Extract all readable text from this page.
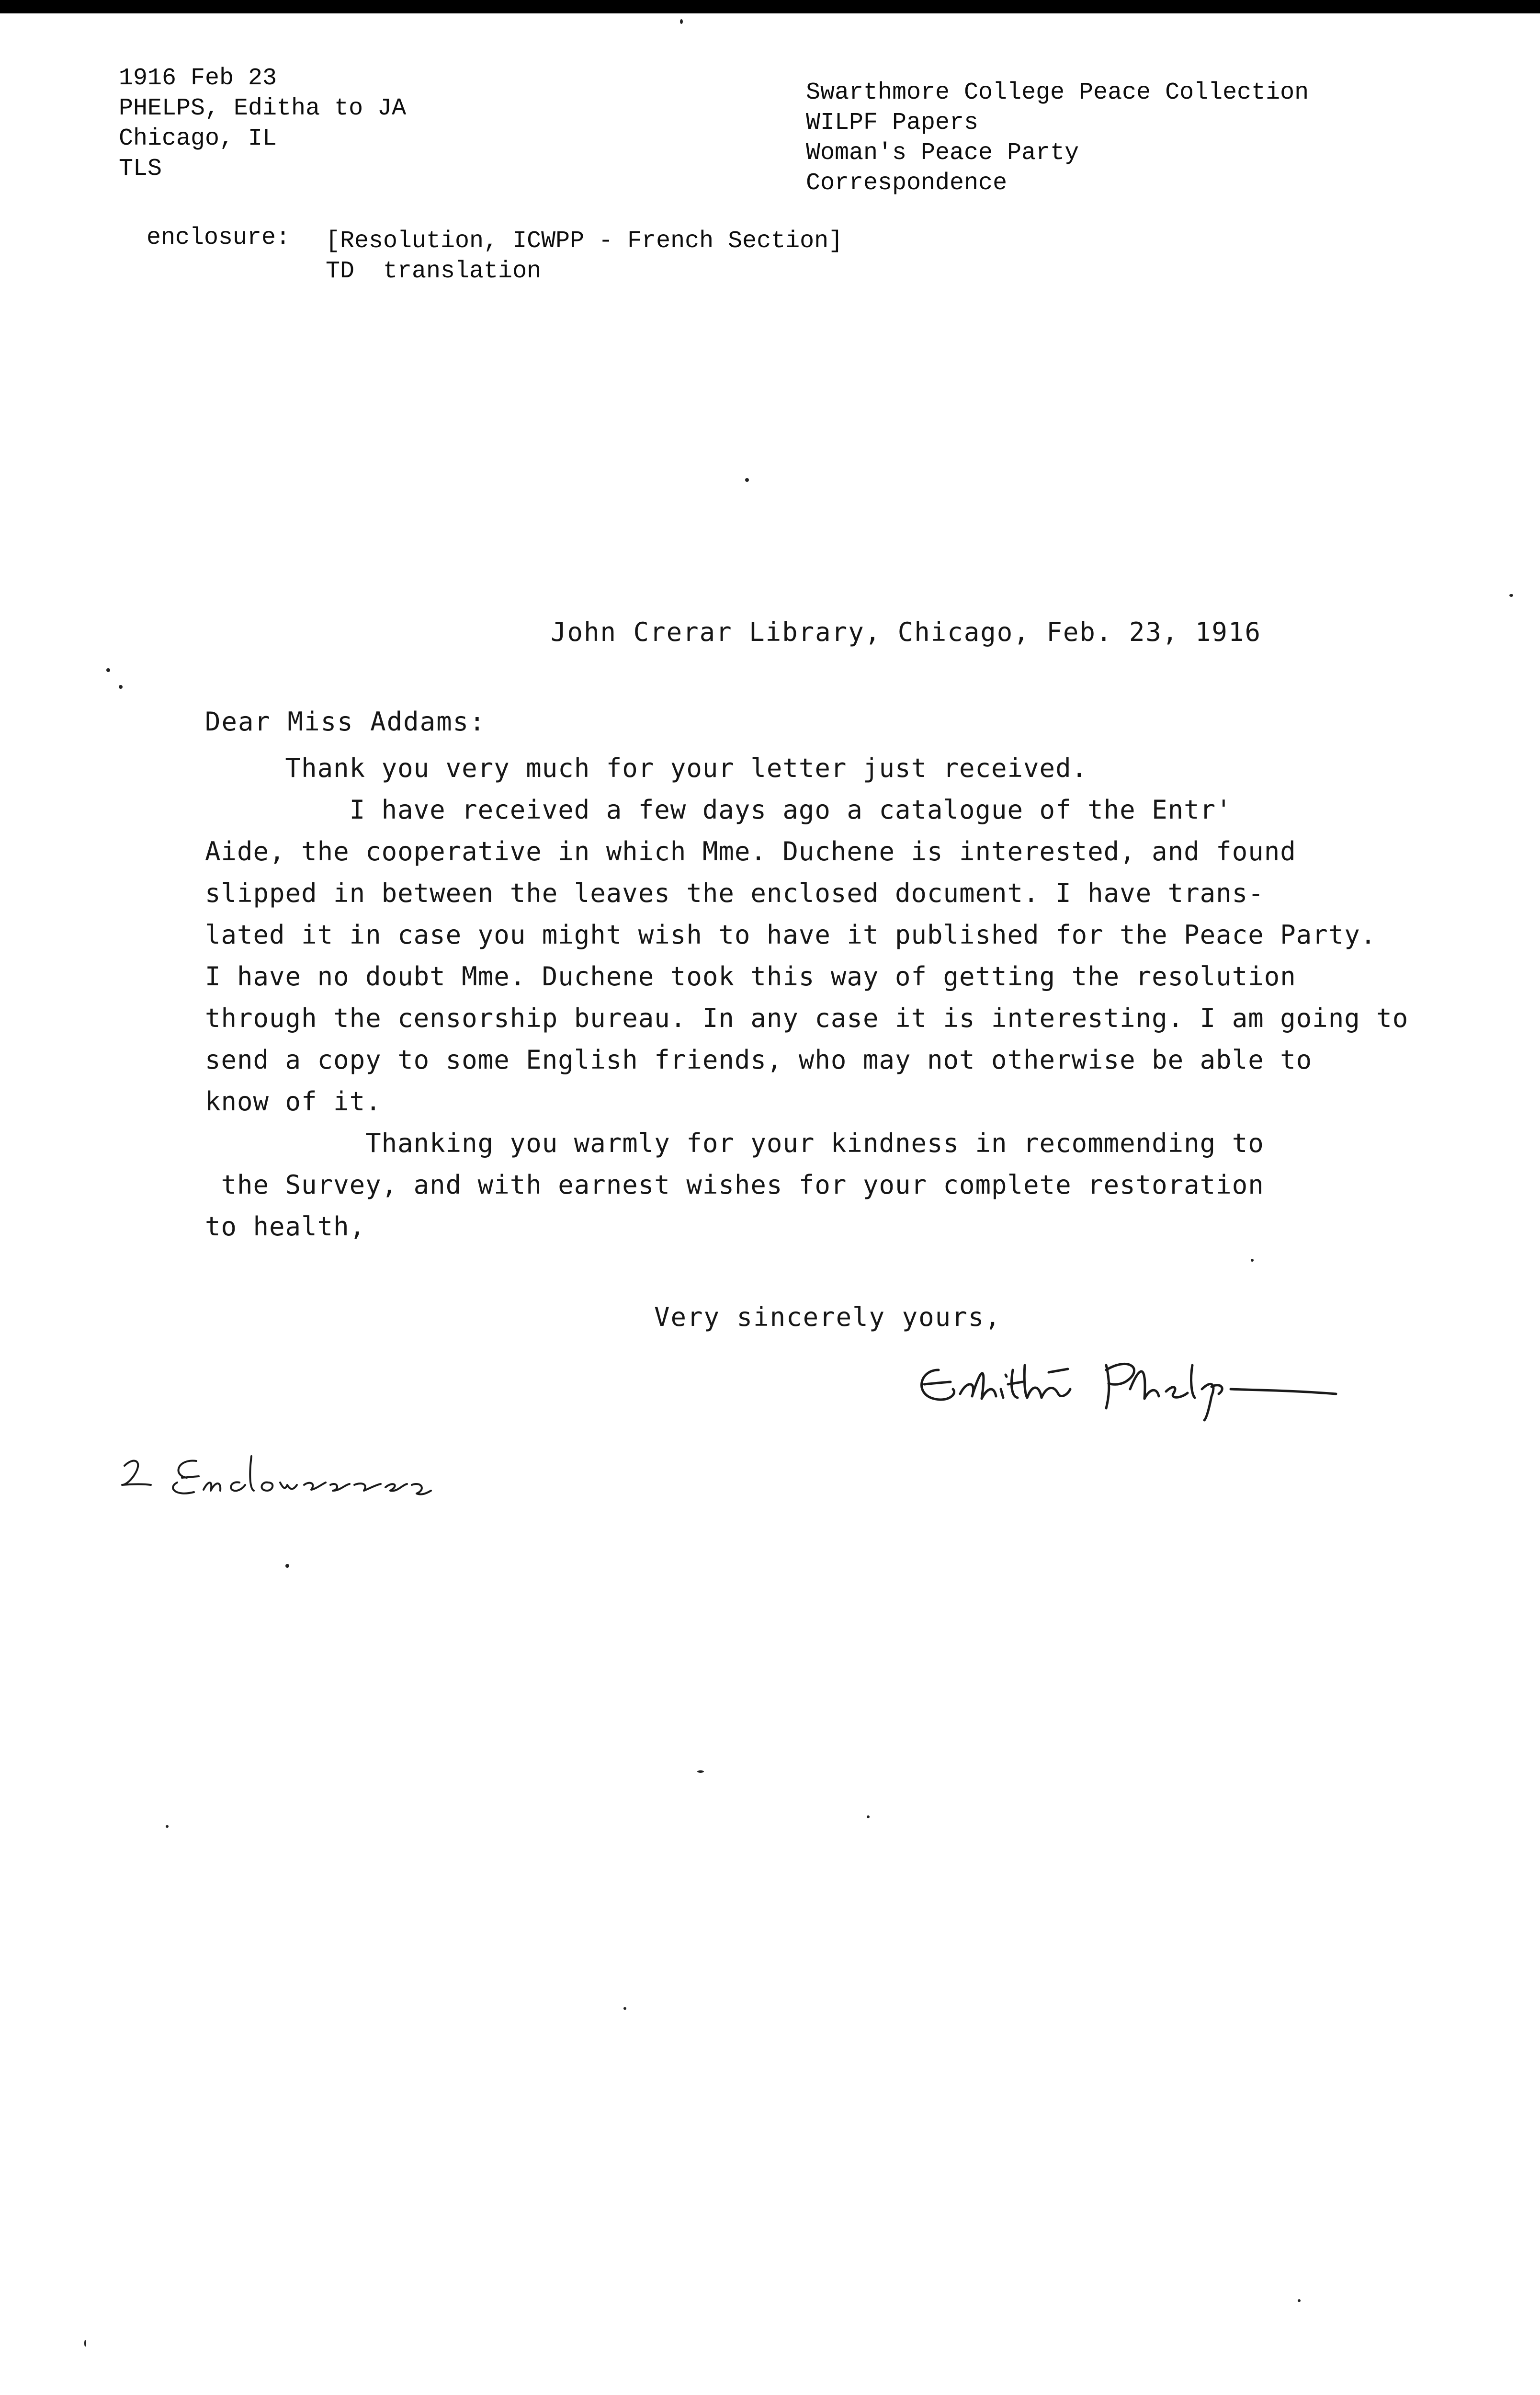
1916 Feb 23
PHELPS, Editha to JA
Chicago, IL
TLS
Swarthmore College Peace Collection
WILPF Papers
Woman's Peace Party
Correspondence
enclosure: [Resolution, ICWPP - French Section]
TD  translation
John Crerar Library, Chicago, Feb. 23, 1916
Dear Miss Addams:
Thank you very much for your letter just received.
I have received a few days ago a catalogue of the Entr'
Aide, the cooperative in which Mme. Duchene is interested, and found
slipped in between the leaves the enclosed document. I have trans-
lated it in case you might wish to have it published for the Peace Party.
I have no doubt Mme. Duchene took this way of getting the resolution
through the censorship bureau. In any case it is interesting. I am going to
send a copy to some English friends, who may not otherwise be able to
know of it.
Thanking you warmly for your kindness in recommending to
the Survey, and with earnest wishes for your complete restoration
to health,
Very sincerely yours,
